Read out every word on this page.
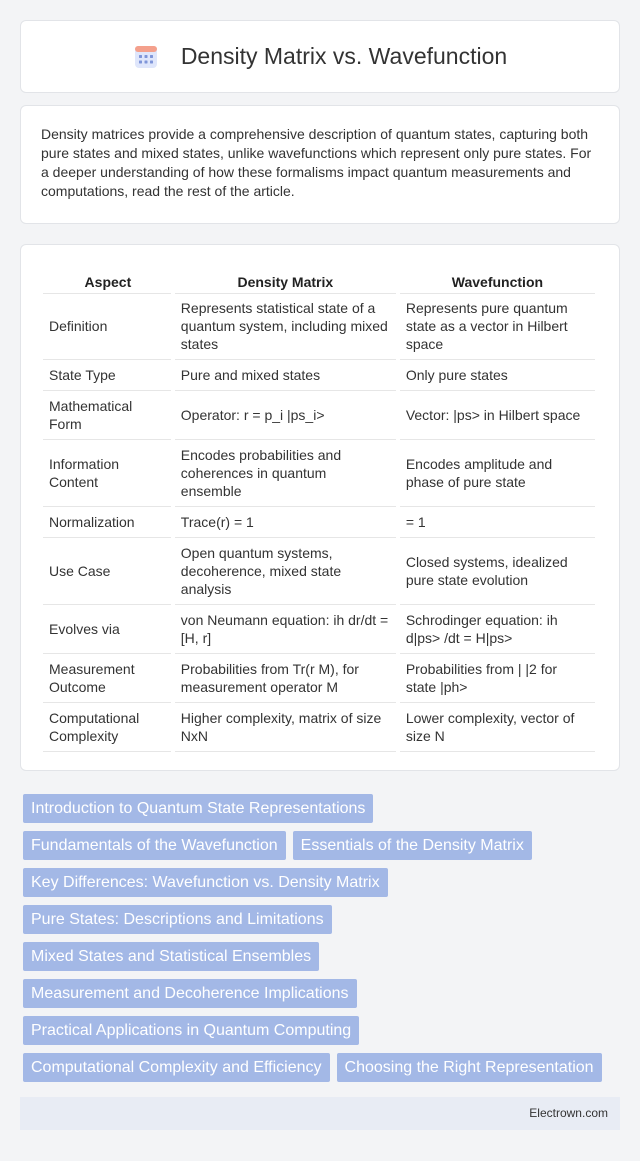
Density Matrix vs. Wavefunction

Density matrices provide a comprehensive description of quantum states, capturing both pure states and mixed states, unlike wavefunctions which represent only pure states. For a deeper understanding of how these formalisms impact quantum measurements and computations, read the rest of the article.

Aspect	Density Matrix	Wavefunction
Definition	Represents statistical state of a quantum system, including mixed states	Represents pure quantum state as a vector in Hilbert space
State Type	Pure and mixed states	Only pure states
Mathematical Form	Operator: r = p_i |ps_i>	Vector: |ps> in Hilbert space
Information Content	Encodes probabilities and coherences in quantum ensemble	Encodes amplitude and phase of pure state
Normalization	Trace(r) = 1	= 1
Use Case	Open quantum systems, decoherence, mixed state analysis	Closed systems, idealized pure state evolution
Evolves via	von Neumann equation: ih dr/dt = [H, r]	Schrodinger equation: ih d|ps> /dt = H|ps>
Measurement Outcome	Probabilities from Tr(r M), for measurement operator M	Probabilities from | |2 for state |ph>
Computational Complexity	Higher complexity, matrix of size NxN	Lower complexity, vector of size N
Introduction to Quantum State Representations
Fundamentals of the Wavefunction	Essentials of the Density Matrix
Key Differences: Wavefunction vs. Density Matrix
Pure States: Descriptions and Limitations
Mixed States and Statistical Ensembles
Measurement and Decoherence Implications
Practical Applications in Quantum Computing
Computational Complexity and Efficiency	Choosing the Right Representation
Electrown.com
